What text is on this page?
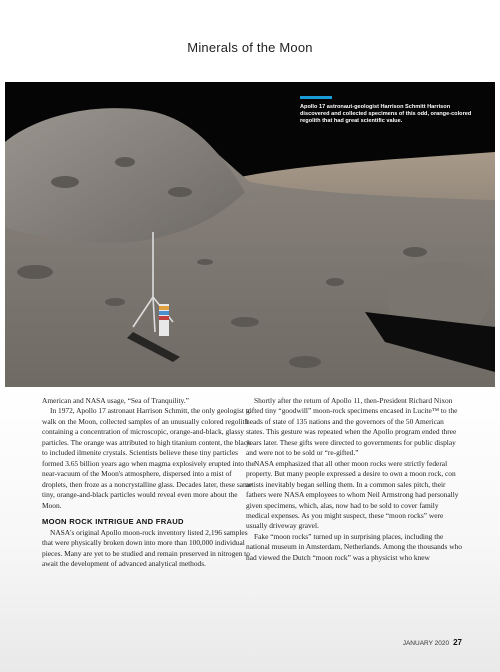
Minerals of the Moon
Apollo 17 astronaut-geologist Harrison Schmitt Harrison discovered and collected specimens of this odd, orange-colored regolith that had great scientific value.

American and NASA usage, “Sea of Tranquility.”

In 1972, Apollo 17 astronaut Harrison Schmitt, the only geologist to walk on the Moon, collected samples of an unusually colored regolith containing a concentration of microscopic, orange-and-black, glassy particles. The orange was attributed to high titanium content, the black to included ilmenite crystals. Scientists believe these tiny particles formed 3.65 billion years ago when magma explosively erupted into the near-vacuum of the Moon's atmosphere, dispersed into a mist of droplets, then froze as a noncrystalline glass. Decades later, these same tiny, orange-and-black particles would reveal even more about the Moon.

MOON ROCK INTRIGUE AND FRAUD

NASA's original Apollo moon-rock inventory listed 2,196 samples that were physically broken down into more than 100,000 individual pieces. Many are yet to be studied and remain preserved in nitrogen to await the development of advanced analytical methods.

Shortly after the return of Apollo 11, then-President Richard Nixon gifted tiny “goodwill” moon-rock specimens encased in Lucite™ to the heads of state of 135 nations and the governors of the 50 American states. This gesture was repeated when the Apollo program ended three years later. These gifts were directed to governments for public display and were not to be sold or “re-gifted.”

NASA emphasized that all other moon rocks were strictly federal property. But many people expressed a desire to own a moon rock, con artists inevitably began selling them. In a common sales pitch, their fathers were NASA employees to whom Neil Armstrong had personally given specimens, which, alas, now had to be sold to cover family medical expenses. As you might suspect, these “moon rocks” were usually driveway gravel.

Fake “moon rocks” turned up in surprising places, including the national museum in Amsterdam, Netherlands. Among the thousands who had viewed the Dutch “moon rock” was a physicist who knew

JANUARY 2020 27
